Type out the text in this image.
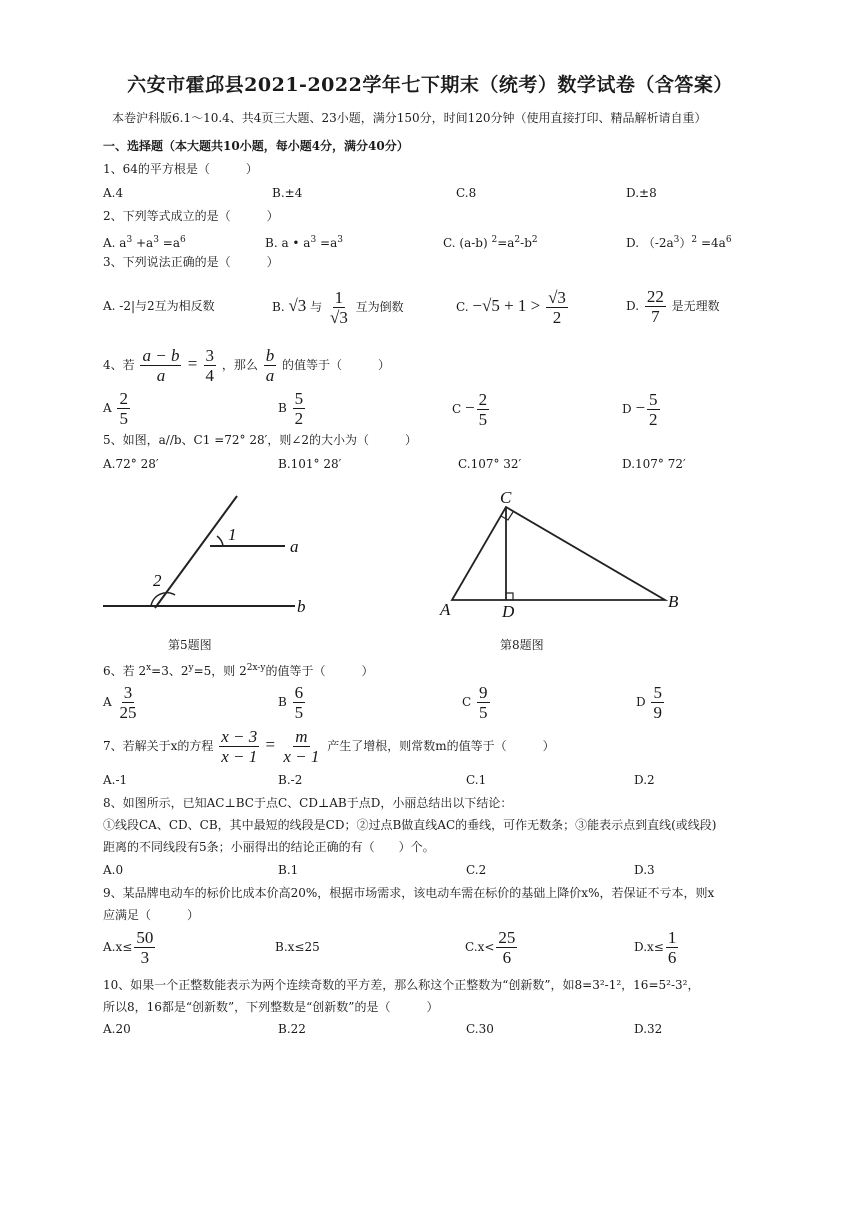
六安市霍邱县2021-2022学年七下期末（统考）数学试卷（含答案）
本卷沪科版6.1～10.4、共4页三大题、23小题，满分150分，时间120分钟（使用直接打印、精品解析请自重）
一、选择题（本大题共10小题，每小题4分，满分40分）
1、64的平方根是（　　　）
A.4	B.±4	C.8	D.±8
2、下列等式成立的是（　　　）
A. $a^3 +a^3 =a^6$	B. a • $a^3 =a^3$	C. (a-b) $^2=a^2-b^2$	D. $(-2a^3)^2 =4a^6$
3、下列说法正确的是（　　　）
A. -2|与2互为相反数	B. √3 与 $\frac{1}{√3}$ 互为倒数	C. $-√5 + 1 > \frac{√3}{2}$	D. $\frac{22}{7}$ 是无理数
4、若 $\frac{a - b}{a} = \frac{3}{4}$ ，那么 $\frac{b}{a}$ 的值等于（　　　）
A $\frac{2}{5}$	B $\frac{5}{2}$	$C - \frac{2}{5}$	$D - \frac{5}{2}$
5、如图，a//b、C1 =72° 28′，则∠2的大小为（　　　）
A.72° 28′	B.101° 28′	C.107° 32′	D.107° 72′
1
2
a
b
第5题图
C
A	D
B
第8题图
6、若 $2^x=3$、$2^y=5$，则 $2^{2x-y}$的值等于（　　　）
A $\frac{3}{25}$	B $\frac{6}{5}$	C $\frac{9}{5}$	D $\frac{5}{9}$
7、若解关于x的方程 $\frac{x - 3}{x - 1} = \frac{m}{x - 1}$ 产生了增根，则常数m的值等于（　　　）
A.-1	B.-2	C.1	D.2
8、如图所示，已知AC⊥BC于点C、CD⊥AB于点D，小丽总结出以下结论：
①线段CA、CD、CB，其中最短的线段是CD；②过点B做直线AC的垂线，可作无数条；③能表示点到直线(或线段)
距离的不同线段有5条；小丽得出的结论正确的有（　　）个。
A.0	B.1	C.2	D.3
9、某品牌电动车的标价比成本价高20%，根据市场需求，该电动车需在标价的基础上降价x%，若保证不亏本，则x
应满足（　　　）
$A.x\le \frac{50}{3}$	B.x≤25	$C.x< \frac{25}{6}$	$D.x\le \frac{1}{6}$
10、如果一个正整数能表示为两个连续奇数的平方差，那么称这个正整数为“创新数”，如8=3²-1²，16=5²-3²，
所以8，16都是“创新数”，下列整数是“创新数”的是（　　　）
A.20	B.22	C.30	D.32
